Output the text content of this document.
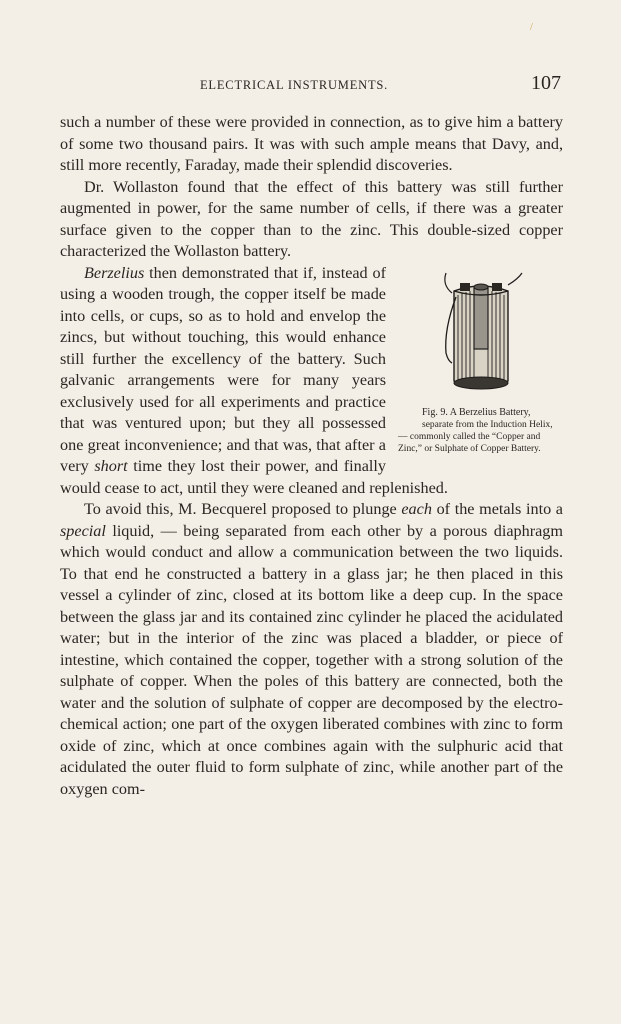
ELECTRICAL INSTRUMENTS.	107
/

such a number of these were provided in connection, as to give him a battery of some two thousand pairs. It was with such ample means that Davy, and, still more recently, Faraday, made their splendid discoveries.

Dr. Wollaston found that the effect of this battery was still further augmented in power, for the same number of cells, if there was a greater surface given to the copper than to the zinc. This double-sized copper characterized the Wollaston battery.

Fig. 9. A Berzelius Battery,

separate from the Induction Helix, — commonly called the “Copper and Zinc,” or Sulphate of Copper Battery.

Berzelius then demonstrated that if, instead of using a wooden trough, the copper itself be made into cells, or cups, so as to hold and envelop the zincs, but without touching, this would enhance still further the excellency of the battery. Such galvanic arrangements were for many years exclusively used for all experiments and practice that was ventured upon; but they all possessed one great inconvenience; and that was, that after a very short time they lost their power, and finally would cease to act, until they were cleaned and replenished.

To avoid this, M. Becquerel proposed to plunge each of the metals into a special liquid, — being separated from each other by a porous diaphragm which would conduct and allow a communication between the two liquids. To that end he constructed a battery in a glass jar; he then placed in this vessel a cylinder of zinc, closed at its bottom like a deep cup. In the space between the glass jar and its contained zinc cylinder he placed the acidulated water; but in the interior of the zinc was placed a bladder, or piece of intestine, which contained the copper, together with a strong solution of the sulphate of copper. When the poles of this battery are connected, both the water and the solution of sulphate of copper are decomposed by the electro-chemical action; one part of the oxygen liberated combines with zinc to form oxide of zinc, which at once combines again with the sulphuric acid that acidulated the outer fluid to form sulphate of zinc, while another part of the oxygen com-
